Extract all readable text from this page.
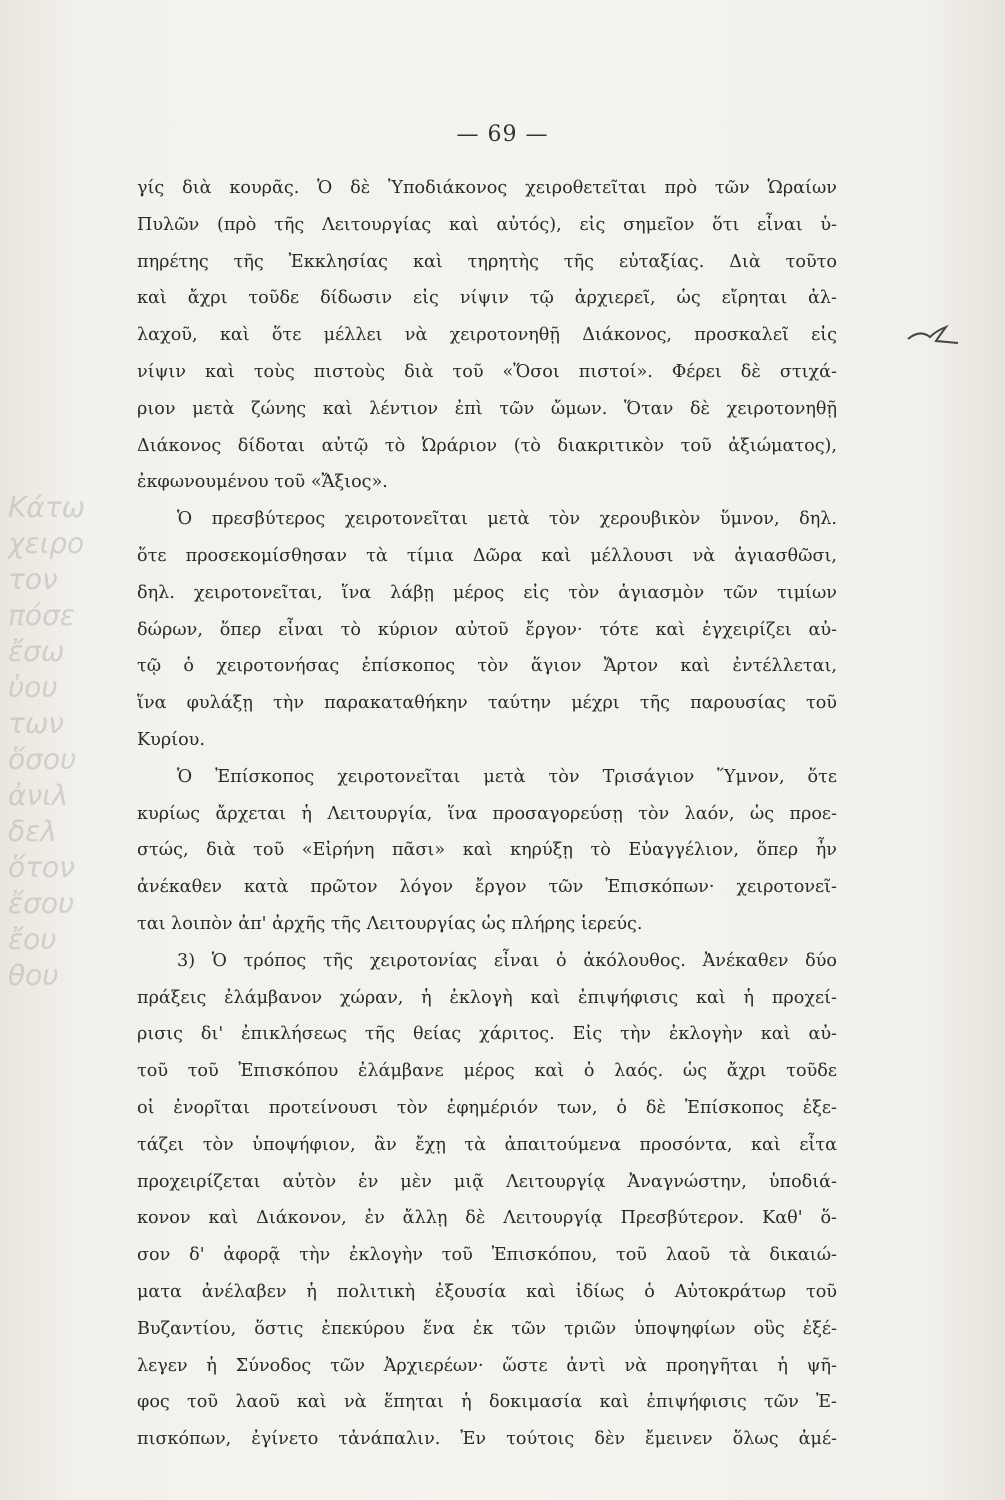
— 69 —
Κάτω
χειρο
τον
πόσε
ἔσω
ὑου
των
ὅσου
ἀνιλ
δελ
ὅτον
ἔσου
ἔου
θου
γίς διὰ κουρᾶς. Ὁ δὲ Ὑποδιάκονος χειροθετεῖται πρὸ τῶν Ὡραίων
Πυλῶν (πρὸ τῆς Λειτουργίας καὶ αὐτός), εἰς σημεῖον ὅτι εἶναι ὑ-
πηρέτης τῆς Ἐκκλησίας καὶ τηρητὴς τῆς εὐταξίας. Διὰ τοῦτο
καὶ ἄχρι τοῦδε δίδωσιν εἰς νίψιν τῷ ἀρχιερεῖ, ὡς εἴρηται ἀλ-
λαχοῦ, καὶ ὅτε μέλλει νὰ χειροτονηθῇ Διάκονος, προσκαλεῖ εἰς
νίψιν καὶ τοὺς πιστοὺς διὰ τοῦ «Ὅσοι πιστοί». Φέρει δὲ στιχά-
ριον μετὰ ζώνης καὶ λέντιον ἐπὶ τῶν ὤμων. Ὅταν δὲ χειροτονηθῇ
Διάκονος δίδοται αὐτῷ τὸ Ὠράριον (τὸ διακριτικὸν τοῦ ἀξιώματος),
ἐκφωνουμένου τοῦ «Ἄξιος».
Ὁ πρεσβύτερος χειροτονεῖται μετὰ τὸν χερουβικὸν ὕμνον, δηλ.
ὅτε προσεκομίσθησαν τὰ τίμια Δῶρα καὶ μέλλουσι νὰ ἁγιασθῶσι,
δηλ. χειροτονεῖται, ἵνα λάβῃ μέρος εἰς τὸν ἁγιασμὸν τῶν τιμίων
δώρων, ὅπερ εἶναι τὸ κύριον αὐτοῦ ἔργον· τότε καὶ ἐγχειρίζει αὐ-
τῷ ὁ χειροτονήσας ἐπίσκοπος τὸν ἅγιον Ἄρτον καὶ ἐντέλλεται,
ἵνα φυλάξῃ τὴν παρακαταθήκην ταύτην μέχρι τῆς παρουσίας τοῦ
Κυρίου.
Ὁ Ἐπίσκοπος χειροτονεῖται μετὰ τὸν Τρισάγιον Ὕμνον, ὅτε
κυρίως ἄρχεται ἡ Λειτουργία, ἵνα προσαγορεύσῃ τὸν λαόν, ὡς προε-
στώς, διὰ τοῦ «Εἰρήνη πᾶσι» καὶ κηρύξῃ τὸ Εὐαγγέλιον, ὅπερ ἦν
ἀνέκαθεν κατὰ πρῶτον λόγον ἔργον τῶν Ἐπισκόπων· χειροτονεῖ-
ται λοιπὸν ἀπ' ἀρχῆς τῆς Λειτουργίας ὡς πλήρης ἱερεύς.
3) Ὁ τρόπος τῆς χειροτονίας εἶναι ὁ ἀκόλουθος. Ἀνέκαθεν δύο
πράξεις ἐλάμβανον χώραν, ἡ ἐκλογὴ καὶ ἐπιψήφισις καὶ ἡ προχεί-
ρισις δι' ἐπικλήσεως τῆς θείας χάριτος. Εἰς τὴν ἐκλογὴν καὶ αὐ-
τοῦ τοῦ Ἐπισκόπου ἐλάμβανε μέρος καὶ ὁ λαός. ὡς ἄχρι τοῦδε
οἱ ἐνορῖται προτείνουσι τὸν ἐφημέριόν των, ὁ δὲ Ἐπίσκοπος ἐξε-
τάζει τὸν ὑποψήφιον, ἂν ἔχῃ τὰ ἀπαιτούμενα προσόντα, καὶ εἶτα
προχειρίζεται αὐτὸν ἐν μὲν μιᾷ Λειτουργίᾳ Ἀναγνώστην, ὑποδιά-
κονον καὶ Διάκονον, ἐν ἄλλῃ δὲ Λειτουργίᾳ Πρεσβύτερον. Καθ' ὅ-
σον δ' ἀφορᾷ τὴν ἐκλογὴν τοῦ Ἐπισκόπου, τοῦ λαοῦ τὰ δικαιώ-
ματα ἀνέλαβεν ἡ πολιτικὴ ἐξουσία καὶ ἰδίως ὁ Αὐτοκράτωρ τοῦ
Βυζαντίου, ὅστις ἐπεκύρου ἕνα ἐκ τῶν τριῶν ὑποψηφίων οὓς ἐξέ-
λεγεν ἡ Σύνοδος τῶν Ἀρχιερέων· ὥστε ἀντὶ νὰ προηγῆται ἡ ψῆ-
φος τοῦ λαοῦ καὶ νὰ ἕπηται ἡ δοκιμασία καὶ ἐπιψήφισις τῶν Ἐ-
πισκόπων, ἐγίνετο τἀνάπαλιν. Ἐν τούτοις δὲν ἔμεινεν ὅλως ἀμέ-
